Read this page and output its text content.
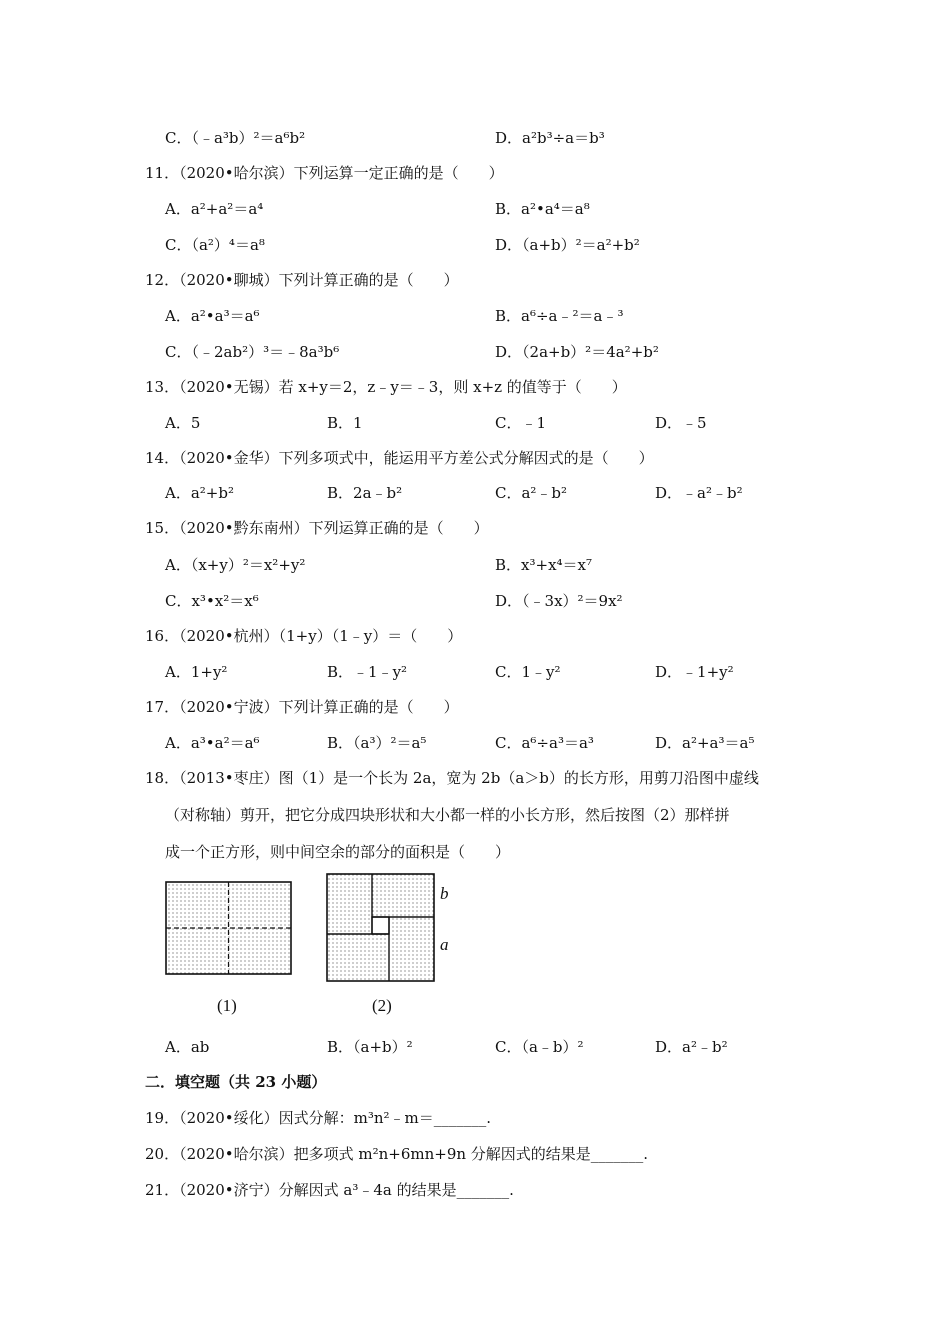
C．（﹣a³b）²＝a⁶b²	D．a²b³÷a＝b³
11．（2020•哈尔滨）下列运算一定正确的是（　　）
A．a²+a²＝a⁴	B．a²•a⁴＝a⁸
C．（a²）⁴＝a⁸	D．（a+b）²＝a²+b²
12．（2020•聊城）下列计算正确的是（　　）
A．a²•a³＝a⁶	B．a⁶÷a﹣²＝a﹣³
C．（﹣2ab²）³＝﹣8a³b⁶	D．（2a+b）²＝4a²+b²
13．（2020•无锡）若 x+y＝2，z﹣y＝﹣3，则 x+z 的值等于（　　）
A．5	B．1	C．﹣1	D．﹣5
14．（2020•金华）下列多项式中，能运用平方差公式分解因式的是（　　）
A．a²+b²	B．2a﹣b²	C．a²﹣b²	D．﹣a²﹣b²
15．（2020•黔东南州）下列运算正确的是（　　）
A．（x+y）²＝x²+y²	B．x³+x⁴＝x⁷
C．x³•x²＝x⁶	D．（﹣3x）²＝9x²
16．（2020•杭州）（1+y）（1﹣y）＝（　　）
A．1+y²	B．﹣1﹣y²	C．1﹣y²	D．﹣1+y²
17．（2020•宁波）下列计算正确的是（　　）
A．a³•a²＝a⁶	B．（a³）²＝a⁵	C．a⁶÷a³＝a³	D．a²+a³＝a⁵
18．（2013•枣庄）图（1）是一个长为 2a，宽为 2b（a＞b）的长方形，用剪刀沿图中虚线
（对称轴）剪开，把它分成四块形状和大小都一样的小长方形，然后按图（2）那样拼
成一个正方形，则中间空余的部分的面积是（　　）
(1)
b
a
(2)
A．ab	B．（a+b）²	C．（a﹣b）²	D．a²﹣b²
二．填空题（共 23 小题）
19．（2020•绥化）因式分解：m³n²﹣m＝_______.
20．（2020•哈尔滨）把多项式 m²n+6mn+9n 分解因式的结果是_______.
21．（2020•济宁）分解因式 a³﹣4a 的结果是_______.
